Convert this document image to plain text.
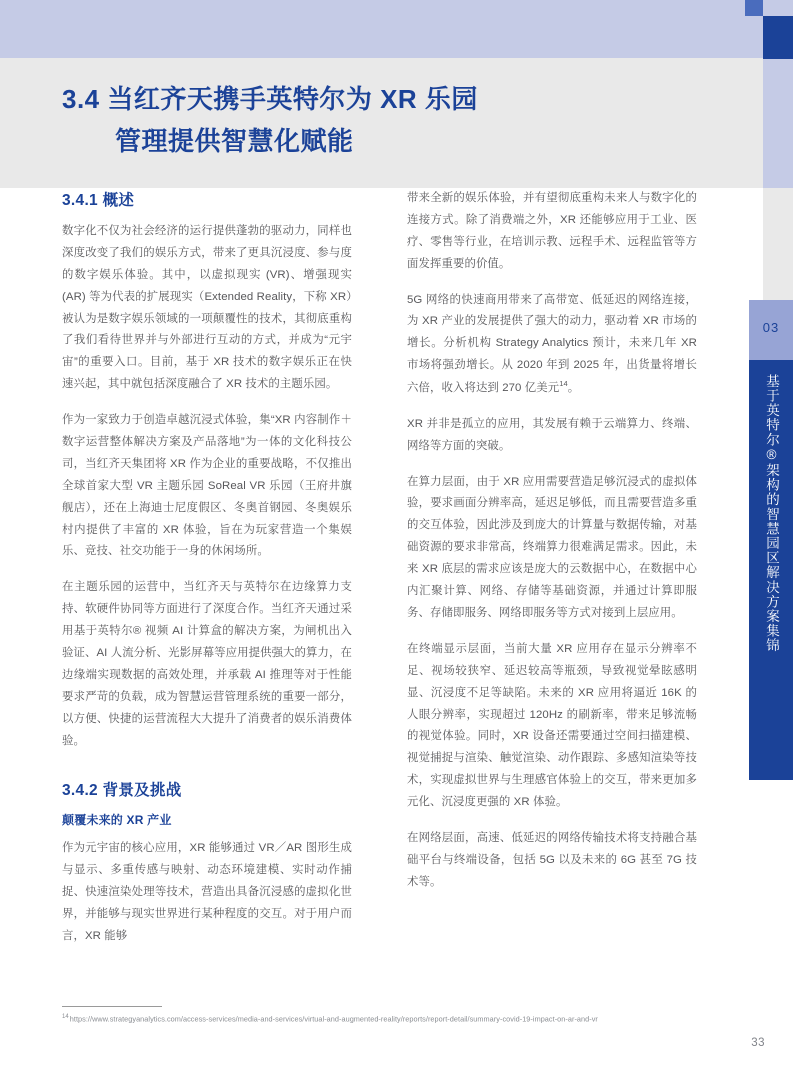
3.4 当红齐天携手英特尔为 XR 乐园
管理提供智慧化赋能
03
基于英特尔®架构的智慧园区解决方案集锦
3.4.1 概述

数字化不仅为社会经济的运行提供蓬勃的驱动力，同样也深度改变了我们的娱乐方式，带来了更具沉浸度、参与度的数字娱乐体验。其中，以虚拟现实 (VR)、增强现实 (AR) 等为代表的扩展现实（Extended Reality，下称 XR）被认为是数字娱乐领域的一项颠覆性的技术，其彻底重构了我们看待世界并与外部进行互动的方式，并成为“元宇宙”的重要入口。目前，基于 XR 技术的数字娱乐正在快速兴起，其中就包括深度融合了 XR 技术的主题乐园。

作为一家致力于创造卓越沉浸式体验，集“XR 内容制作＋数字运营整体解决方案及产品落地”为一体的文化科技公司，当红齐天集团将 XR 作为企业的重要战略，不仅推出全球首家大型 VR 主题乐园 SoReal VR 乐园（王府井旗舰店），还在上海迪士尼度假区、冬奥首钢园、冬奥娱乐村内提供了丰富的 XR 体验，旨在为玩家营造一个集娱乐、竞技、社交功能于一身的休闲场所。

在主题乐园的运营中，当红齐天与英特尔在边缘算力支持、软硬件协同等方面进行了深度合作。当红齐天通过采用基于英特尔® 视频 AI 计算盒的解决方案，为闸机出入验证、AI 人流分析、光影屏幕等应用提供强大的算力，在边缘端实现数据的高效处理，并承载 AI 推理等对于性能要求严苛的负载，成为智慧运营管理系统的重要一部分，以方便、快捷的运营流程大大提升了消费者的娱乐消费体验。

3.4.2 背景及挑战
颠覆未来的 XR 产业

作为元宇宙的核心应用，XR 能够通过 VR／AR 图形生成与显示、多重传感与映射、动态环境建模、实时动作捕捉、快速渲染处理等技术，营造出具备沉浸感的虚拟化世界，并能够与现实世界进行某种程度的交互。对于用户而言，XR 能够

带来全新的娱乐体验，并有望彻底重构未来人与数字化的连接方式。除了消费端之外，XR 还能够应用于工业、医疗、零售等行业，在培训示教、远程手术、远程监管等方面发挥重要的价值。

5G 网络的快速商用带来了高带宽、低延迟的网络连接，为 XR 产业的发展提供了强大的动力，驱动着 XR 市场的增长。分析机构 Strategy Analytics 预计，未来几年 XR 市场将强劲增长。从 2020 年到 2025 年，出货量将增长六倍，收入将达到 270 亿美元$^{14}$。

XR 并非是孤立的应用，其发展有赖于云端算力、终端、网络等方面的突破。

在算力层面，由于 XR 应用需要营造足够沉浸式的虚拟体验，要求画面分辨率高，延迟足够低，而且需要营造多重的交互体验，因此涉及到庞大的计算量与数据传输，对基础资源的要求非常高，终端算力很难满足需求。因此，未来 XR 底层的需求应该是庞大的云数据中心，在数据中心内汇聚计算、网络、存储等基础资源，并通过计算即服务、存储即服务、网络即服务等方式对接到上层应用。

在终端显示层面，当前大量 XR 应用存在显示分辨率不足、视场较狭窄、延迟较高等瓶颈，导致视觉晕眩感明显、沉浸度不足等缺陷。未来的 XR 应用将逼近 16K 的人眼分辨率，实现超过 120Hz 的刷新率，带来足够流畅的视觉体验。同时，XR 设备还需要通过空间扫描建模、视觉捕捉与渲染、触觉渲染、动作跟踪、多感知渲染等技术，实现虚拟世界与生理感官体验上的交互，带来更加多元化、沉浸度更强的 XR 体验。

在网络层面，高速、低延迟的网络传输技术将支持融合基础平台与终端设备，包括 5G 以及未来的 6G 甚至 7G 技术等。

$^{14}$https://www.strategyanalytics.com/access-services/media-and-services/virtual-and-augmented-reality/reports/report-detail/summary-covid-19-impact-on-ar-and-vr
33
